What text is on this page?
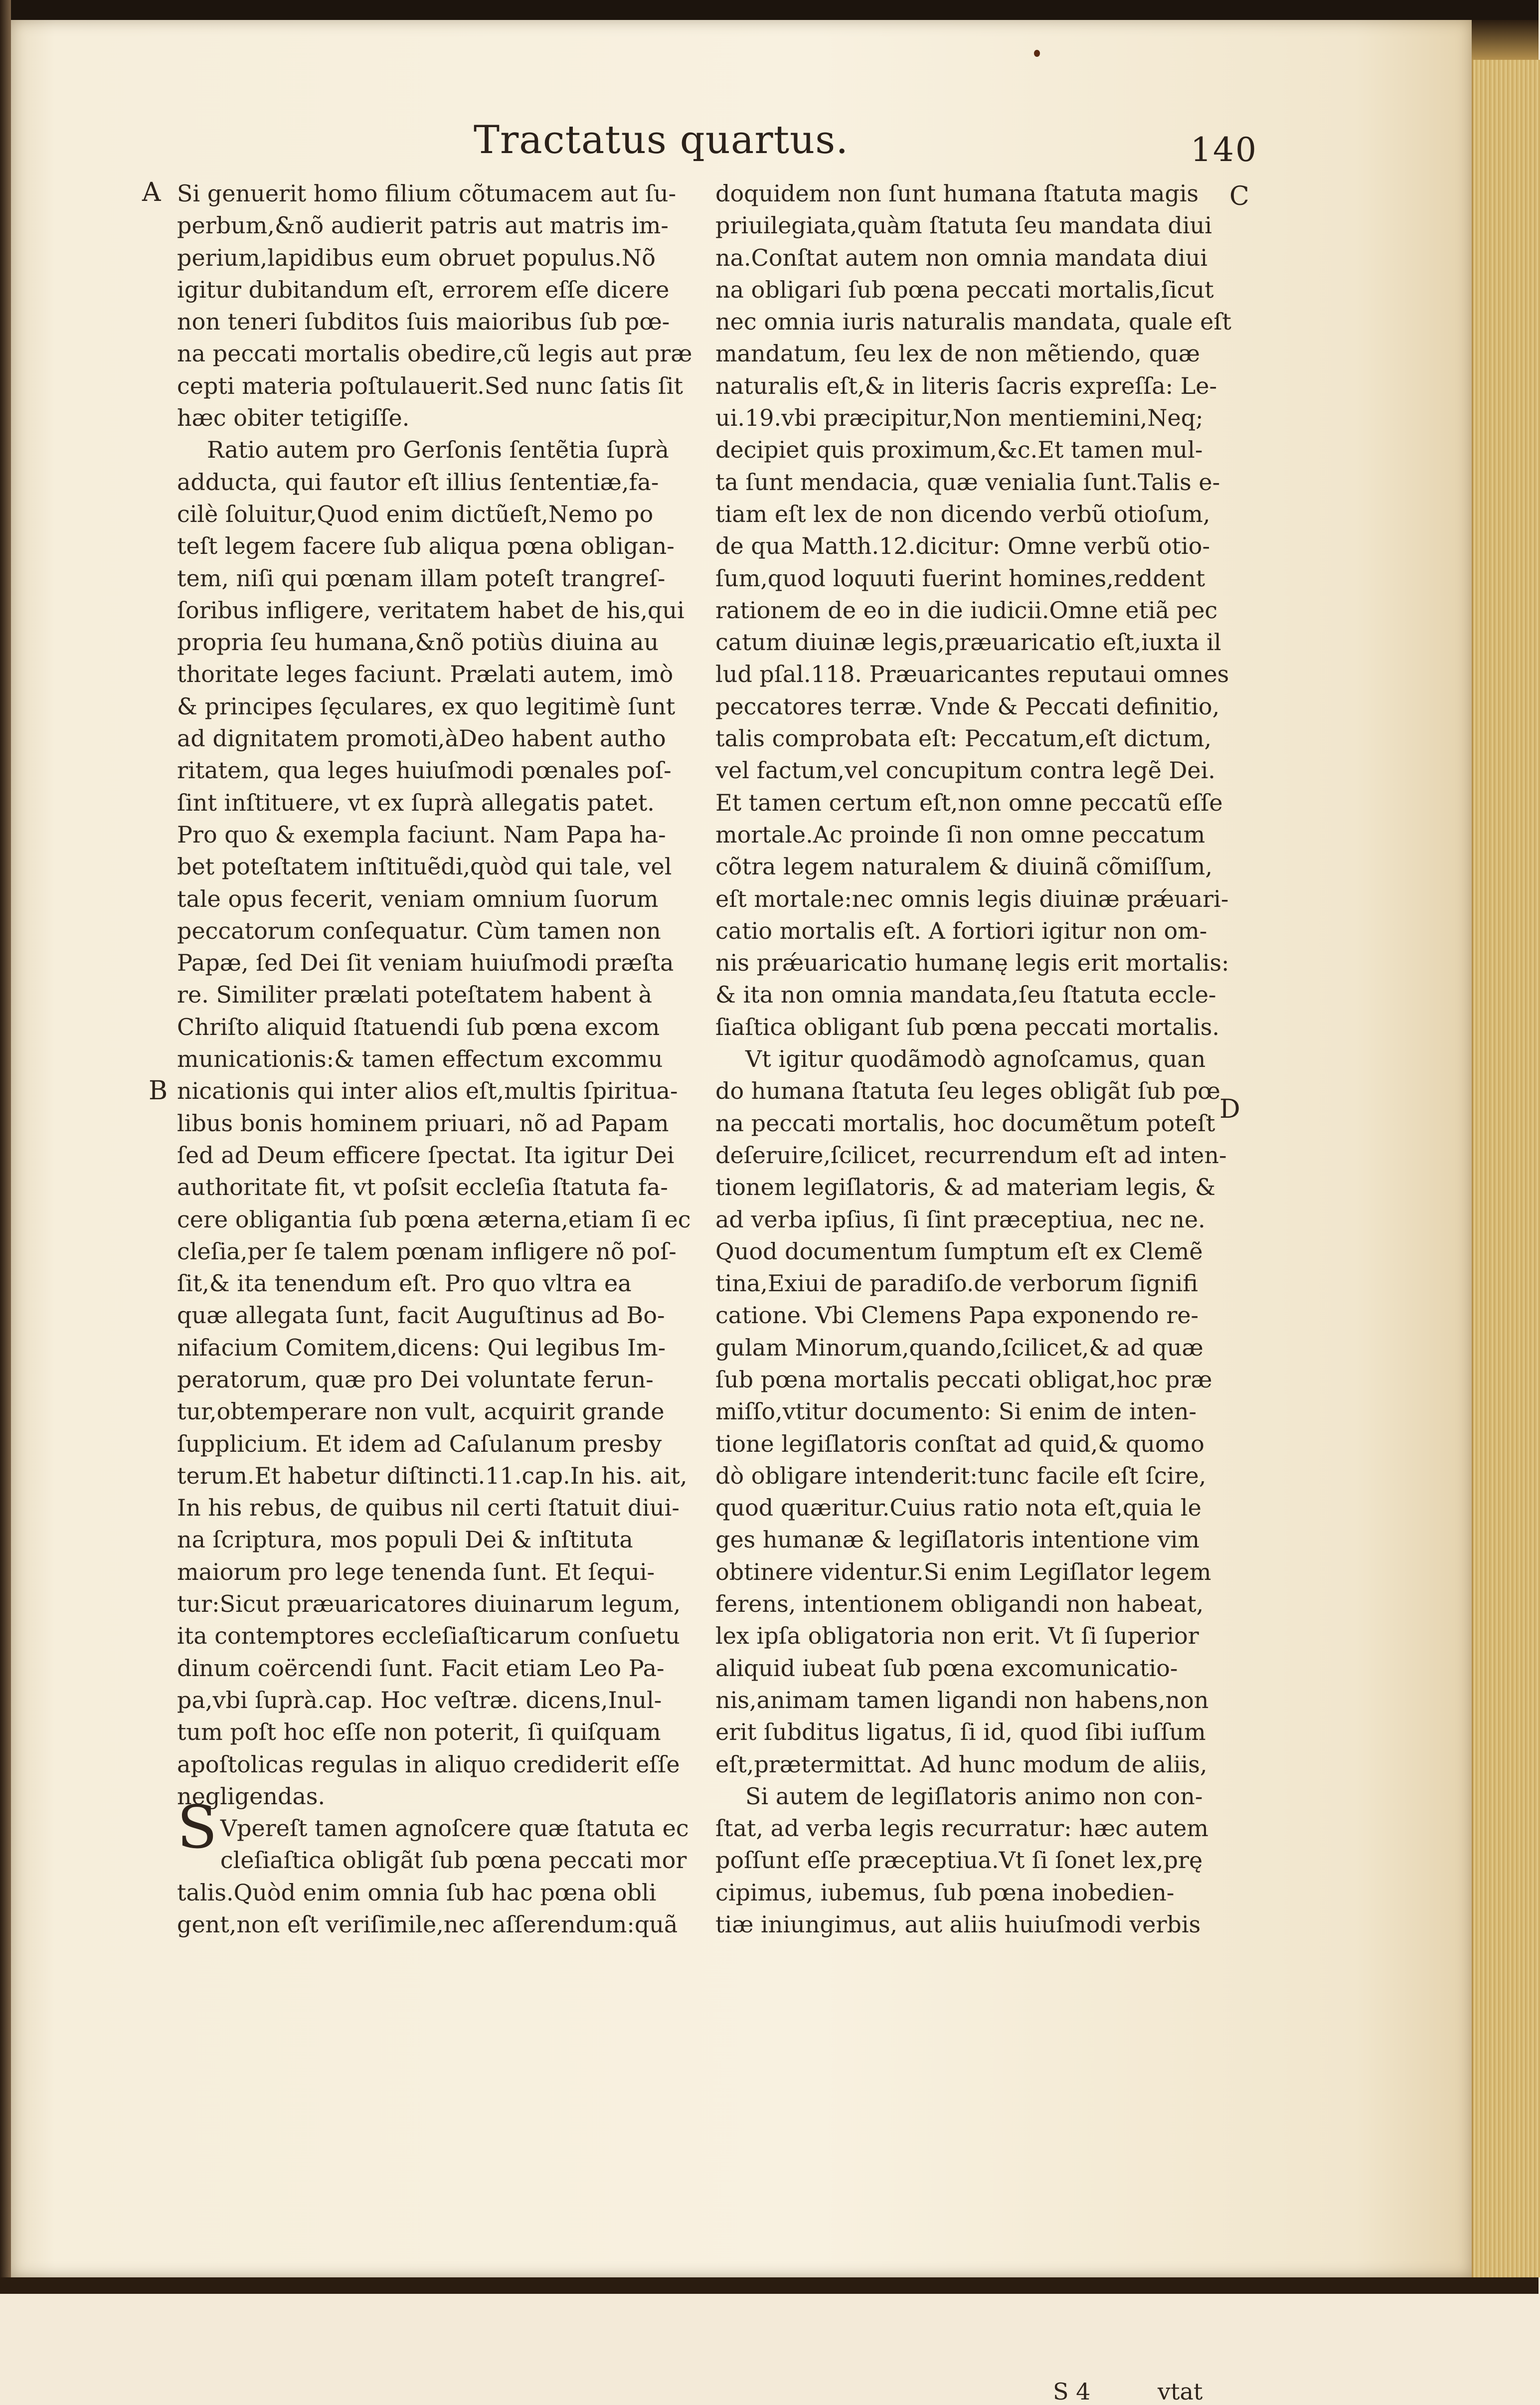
Tractatus quartus.	140
A
B
C
D
Si genuerit homo filium cõtumacem aut ſu-
perbum,&nõ audierit patris aut matris im-
perium,lapidibus eum obruet populus.Nõ
igitur dubitandum eſt, errorem eſſe dicere
non teneri ſubditos ſuis maioribus ſub pœ-
na peccati mortalis obedire,cũ legis aut præ
cepti materia poſtulauerit.Sed nunc ſatis ſit
hæc obiter tetigiſſe.
Ratio autem pro Gerſonis ſentẽtia ſuprà
adducta, qui fautor eſt illius ſententiæ,fa-
cilè ſoluitur,Quod enim dictũeſt,Nemo po
teſt legem facere ſub aliqua pœna obligan-
tem, niſi qui pœnam illam poteſt trangreſ-
ſoribus infligere, veritatem habet de his,qui
propria ſeu humana,&nõ potiùs diuina au
thoritate leges faciunt. Prælati autem, imò
& principes ſęculares, ex quo legitimè ſunt
ad dignitatem promoti,àDeo habent autho
ritatem, qua leges huiuſmodi pœnales poſ-
ſint inſtituere, vt ex ſuprà allegatis patet.
Pro quo & exempla faciunt. Nam Papa ha-
bet poteſtatem inſtituẽdi,quòd qui tale, vel
tale opus fecerit, veniam omnium ſuorum
peccatorum conſequatur. Cùm tamen non
Papæ, ſed Dei ſit veniam huiuſmodi præſta
re. Similiter prælati poteſtatem habent à
Chriſto aliquid ſtatuendi ſub pœna excom
municationis:& tamen effectum excommu
nicationis qui inter alios eſt,multis ſpiritua-
libus bonis hominem priuari, nõ ad Papam
ſed ad Deum efficere ſpectat. Ita igitur Dei
authoritate fit, vt poſsit eccleſia ſtatuta fa-
cere obligantia ſub pœna æterna,etiam ſi ec
cleſia,per ſe talem pœnam infligere nõ poſ-
ſit,& ita tenendum eſt. Pro quo vltra ea
quæ allegata ſunt, facit Auguſtinus ad Bo-
nifacium Comitem,dicens: Qui legibus Im-
peratorum, quæ pro Dei voluntate ferun-
tur,obtemperare non vult, acquirit grande
ſupplicium. Et idem ad Caſulanum presby
terum.Et habetur diſtincti.11.cap.In his. ait,
In his rebus, de quibus nil certi ſtatuit diui-
na ſcriptura, mos populi Dei & inſtituta
maiorum pro lege tenenda ſunt. Et ſequi-
tur:Sicut præuaricatores diuinarum legum,
ita contemptores eccleſiaſticarum conſuetu
dinum coërcendi ſunt. Facit etiam Leo Pa-
pa,vbi ſuprà.cap. Hoc veſtræ. dicens,Inul-
tum poſt hoc eſſe non poterit, ſi quiſquam
apoſtolicas regulas in aliquo crediderit eſſe
negligendas.
S Vpereſt tamen agnoſcere quæ ſtatuta ec
cleſiaſtica obligãt ſub pœna peccati mor
talis.Quòd enim omnia ſub hac pœna obli
gent,non eſt veriſimile,nec aſſerendum:quã
doquidem non ſunt humana ſtatuta magis
priuilegiata,quàm ſtatuta ſeu mandata diui
na.Conſtat autem non omnia mandata diui
na obligari ſub pœna peccati mortalis,ſicut
nec omnia iuris naturalis mandata, quale eſt
mandatum, ſeu lex de non mẽtiendo, quæ
naturalis eſt,& in literis ſacris expreſſa: Le-
ui.19.vbi præcipitur,Non mentiemini,Neq;
decipiet quis proximum,&c.Et tamen mul-
ta ſunt mendacia, quæ venialia ſunt.Talis e-
tiam eſt lex de non dicendo verbũ otioſum,
de qua Matth.12.dicitur: Omne verbũ otio-
ſum,quod loquuti fuerint homines,reddent
rationem de eo in die iudicii.Omne etiã pec
catum diuinæ legis,præuaricatio eſt,iuxta il
lud pſal.118. Præuaricantes reputaui omnes
peccatores terræ. Vnde & Peccati definitio,
talis comprobata eſt: Peccatum,eſt dictum,
vel factum,vel concupitum contra legẽ Dei.
Et tamen certum eſt,non omne peccatũ eſſe
mortale.Ac proinde ſi non omne peccatum
cõtra legem naturalem & diuinã cõmiſſum,
eſt mortale:nec omnis legis diuinæ prǽuari-
catio mortalis eſt. A fortiori igitur non om-
nis prǽuaricatio humanę legis erit mortalis:
& ita non omnia mandata,ſeu ſtatuta eccle-
ſiaſtica obligant ſub pœna peccati mortalis.
Vt igitur quodãmodò agnoſcamus, quan
do humana ſtatuta ſeu leges obligãt ſub pœ
na peccati mortalis, hoc documẽtum poteſt
deſeruire,ſcilicet, recurrendum eſt ad inten-
tionem legiſlatoris, & ad materiam legis, &
ad verba ipſius, ſi ſint præceptiua, nec ne.
Quod documentum ſumptum eſt ex Clemẽ
tina,Exiui de paradiſo.de verborum ſignifi
catione. Vbi Clemens Papa exponendo re-
gulam Minorum,quando,ſcilicet,& ad quæ
ſub pœna mortalis peccati obligat,hoc præ
miſſo,vtitur documento: Si enim de inten-
tione legiſlatoris conſtat ad quid,& quomo
dò obligare intenderit:tunc facile eſt ſcire,
quod quæritur.Cuius ratio nota eſt,quia le
ges humanæ & legiſlatoris intentione vim
obtinere videntur.Si enim Legiſlator legem
ferens, intentionem obligandi non habeat,
lex ipſa obligatoria non erit. Vt ſi ſuperior
aliquid iubeat ſub pœna excomunicatio-
nis,animam tamen ligandi non habens,non
erit ſubditus ligatus, ſi id, quod ſibi iuſſum
eſt,prætermittat. Ad hunc modum de aliis,
Si autem de legiſlatoris animo non con-
ſtat, ad verba legis recurratur: hæc autem
poſſunt eſſe præceptiua.Vt ſi ſonet lex,prę
cipimus, iubemus, ſub pœna inobedien-
tiæ iniungimus, aut aliis huiuſmodi verbis
S 4	vtat
